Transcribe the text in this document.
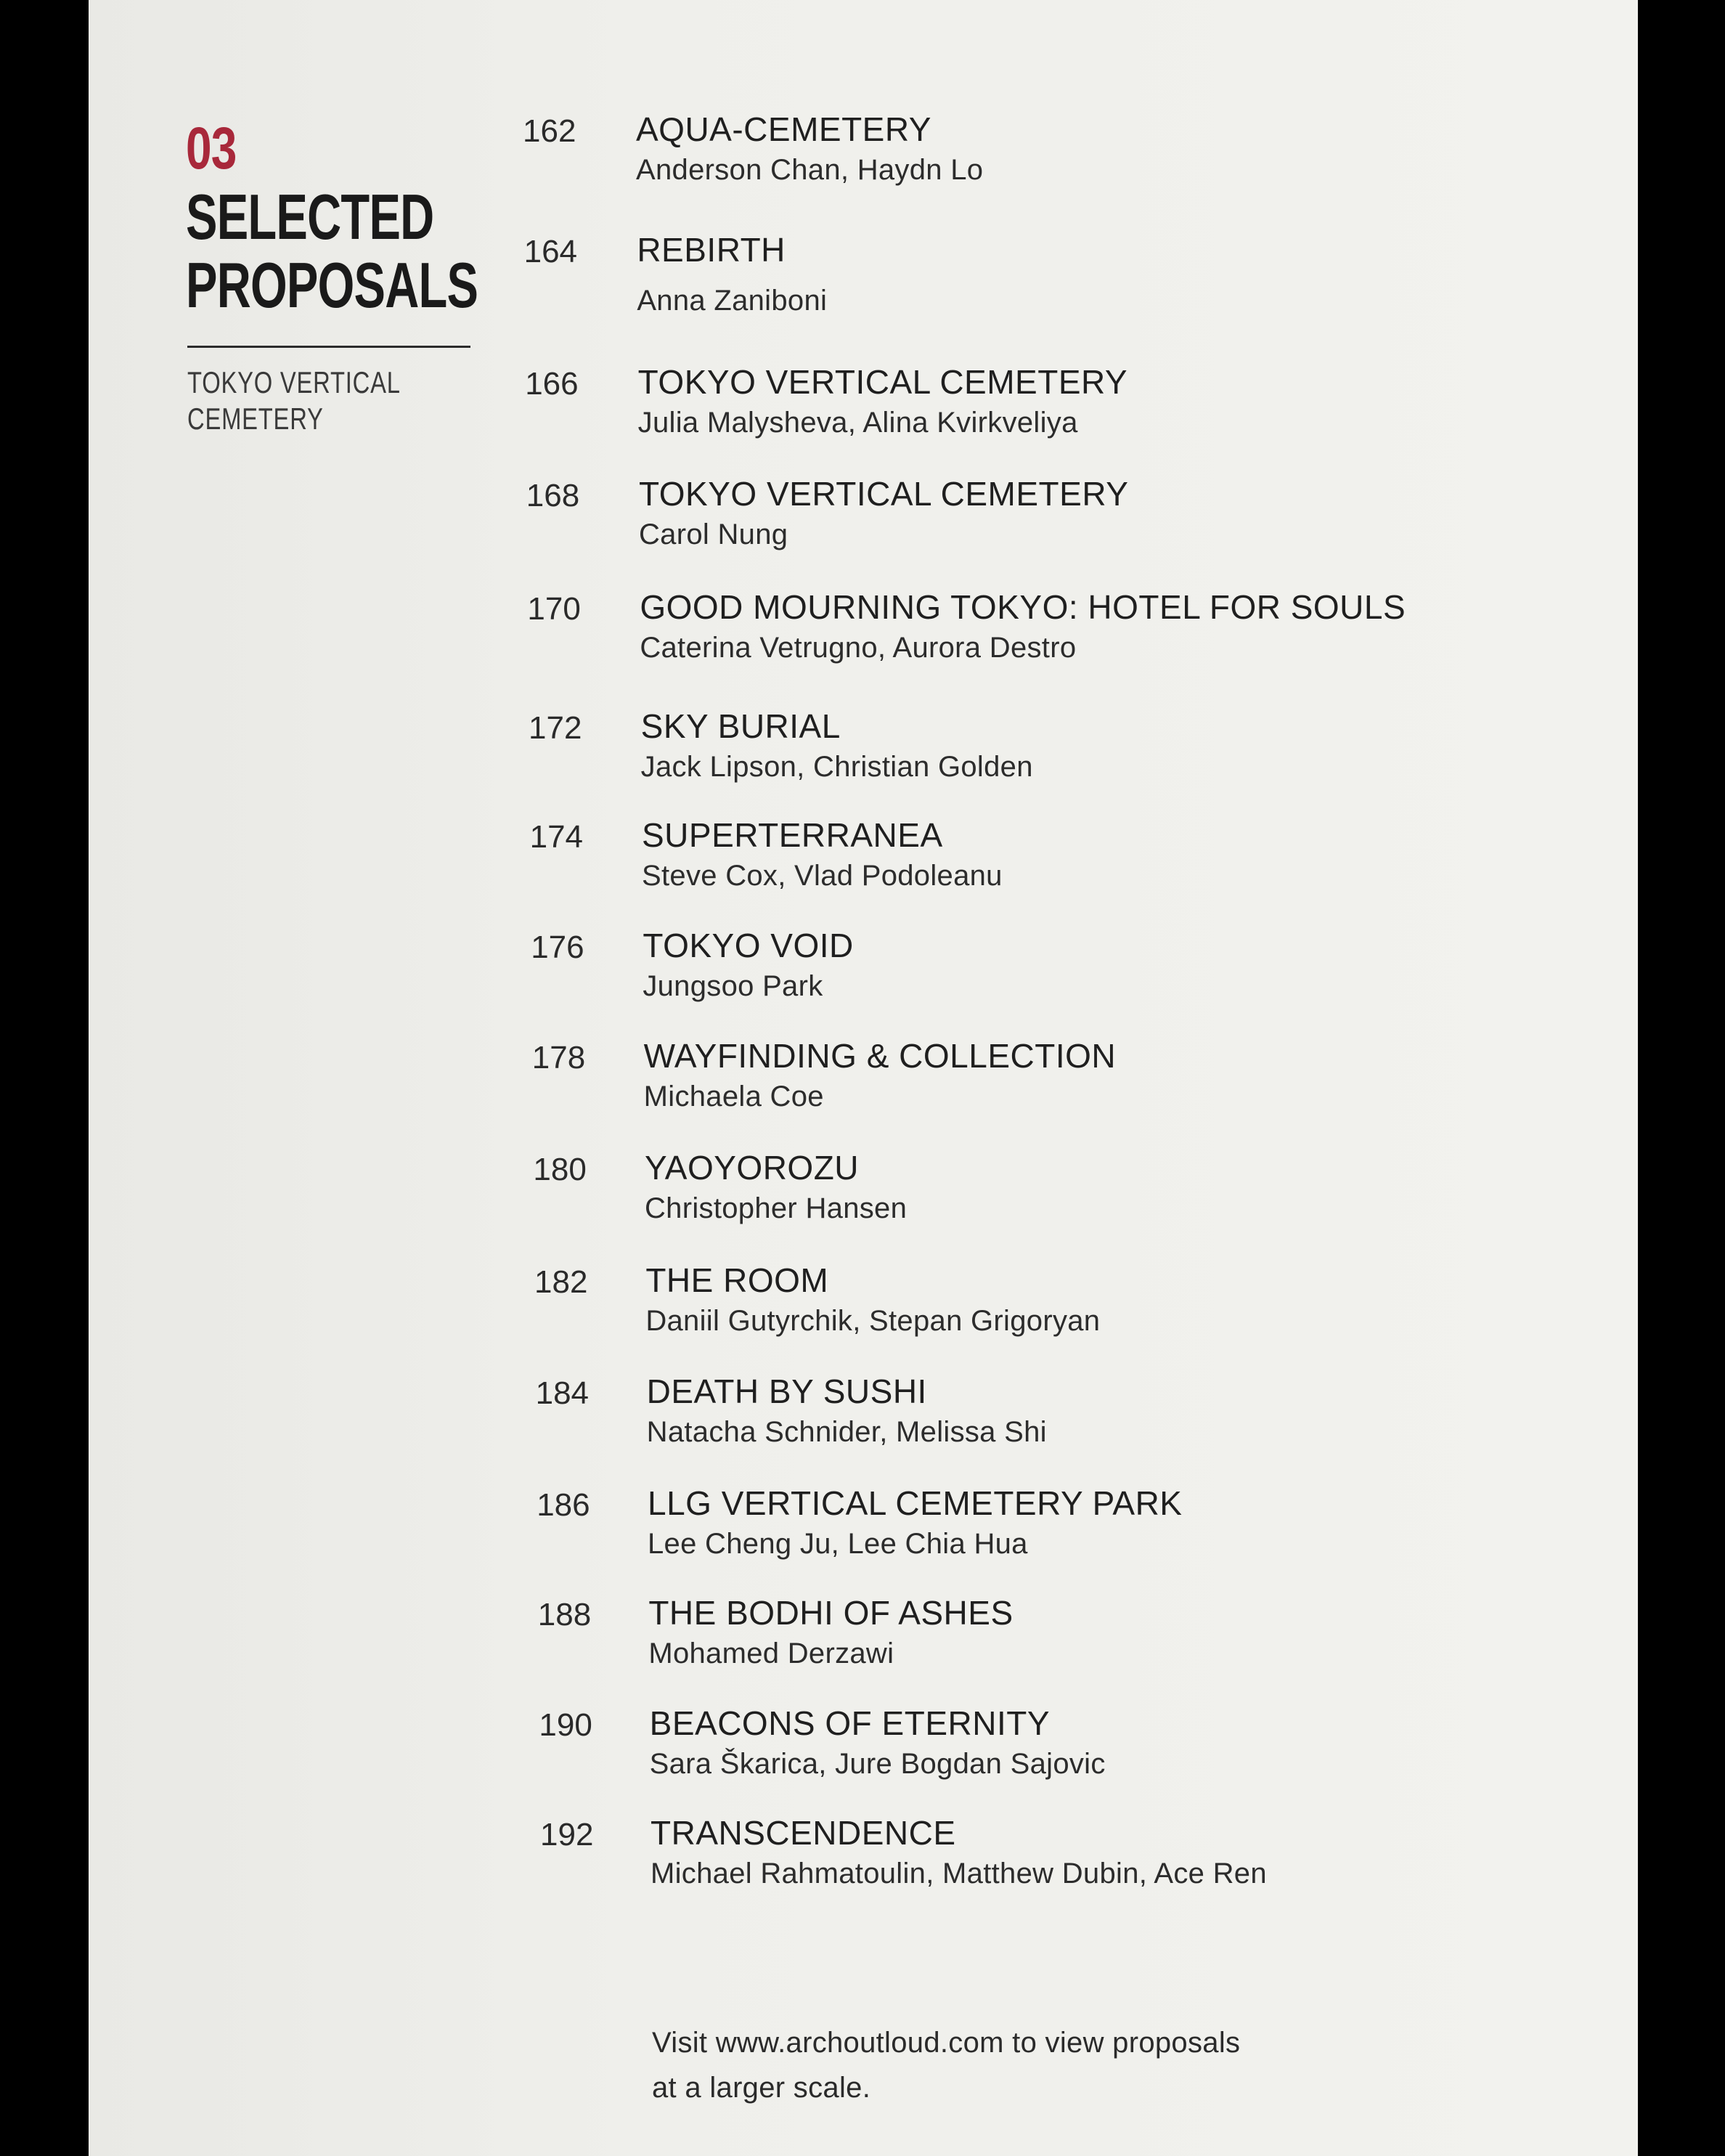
03
SELECTED
PROPOSALS
TOKYO VERTICAL
CEMETERY
162	AQUA-CEMETERY
Anderson Chan, Haydn Lo
164	REBIRTH
Anna Zaniboni
166	TOKYO VERTICAL CEMETERY
Julia Malysheva, Alina Kvirkveliya
168	TOKYO VERTICAL CEMETERY
Carol Nung
170	GOOD MOURNING TOKYO: HOTEL FOR SOULS
Caterina Vetrugno, Aurora Destro
172	SKY BURIAL
Jack Lipson, Christian Golden
174	SUPERTERRANEA
Steve Cox, Vlad Podoleanu
176	TOKYO VOID
Jungsoo Park
178	WAYFINDING & COLLECTION
Michaela Coe
180	YAOYOROZU
Christopher Hansen
182	THE ROOM
Daniil Gutyrchik, Stepan Grigoryan
184	DEATH BY SUSHI
Natacha Schnider, Melissa Shi
186	LLG VERTICAL CEMETERY PARK
Lee Cheng Ju, Lee Chia Hua
188	THE BODHI OF ASHES
Mohamed Derzawi
190	BEACONS OF ETERNITY
Sara Škarica, Jure Bogdan Sajovic
192	TRANSCENDENCE
Michael Rahmatoulin, Matthew Dubin, Ace Ren
Visit www.archoutloud.com to view proposals
at a larger scale.
